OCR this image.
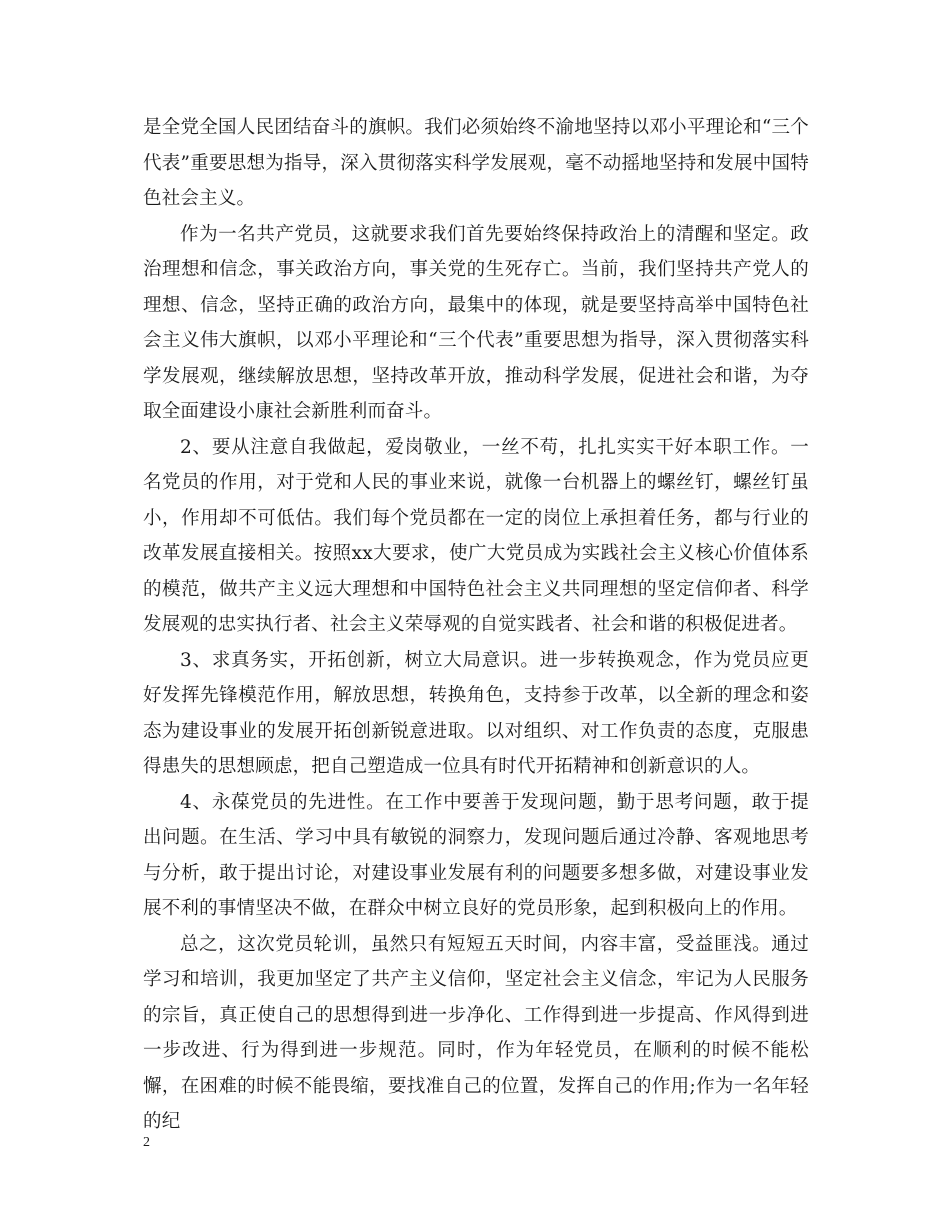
是全党全国人民团结奋斗的旗帜。我们必须始终不渝地坚持以邓小平理论和“三个代表”重要思想为指导，深入贯彻落实科学发展观，毫不动摇地坚持和发展中国特色社会主义。

作为一名共产党员，这就要求我们首先要始终保持政治上的清醒和坚定。政治理想和信念，事关政治方向，事关党的生死存亡。当前，我们坚持共产党人的理想、信念，坚持正确的政治方向，最集中的体现，就是要坚持高举中国特色社会主义伟大旗帜，以邓小平理论和“三个代表”重要思想为指导，深入贯彻落实科学发展观，继续解放思想，坚持改革开放，推动科学发展，促进社会和谐，为夺取全面建设小康社会新胜利而奋斗。

2、要从注意自我做起，爱岗敬业，一丝不苟，扎扎实实干好本职工作。一名党员的作用，对于党和人民的事业来说，就像一台机器上的螺丝钉，螺丝钉虽小，作用却不可低估。我们每个党员都在一定的岗位上承担着任务，都与行业的改革发展直接相关。按照xx大要求，使广大党员成为实践社会主义核心价值体系的模范，做共产主义远大理想和中国特色社会主义共同理想的坚定信仰者、科学发展观的忠实执行者、社会主义荣辱观的自觉实践者、社会和谐的积极促进者。

3、求真务实，开拓创新，树立大局意识。进一步转换观念，作为党员应更好发挥先锋模范作用，解放思想，转换角色，支持参于改革，以全新的理念和姿态为建设事业的发展开拓创新锐意进取。以对组织、对工作负责的态度，克服患得患失的思想顾虑，把自己塑造成一位具有时代开拓精神和创新意识的人。

4、永葆党员的先进性。在工作中要善于发现问题，勤于思考问题，敢于提出问题。在生活、学习中具有敏锐的洞察力，发现问题后通过冷静、客观地思考与分析，敢于提出讨论，对建设事业发展有利的问题要多想多做，对建设事业发展不利的事情坚决不做，在群众中树立良好的党员形象，起到积极向上的作用。

总之，这次党员轮训，虽然只有短短五天时间，内容丰富，受益匪浅。通过学习和培训，我更加坚定了共产主义信仰，坚定社会主义信念，牢记为人民服务的宗旨，真正使自己的思想得到进一步净化、工作得到进一步提高、作风得到进一步改进、行为得到进一步规范。同时，作为年轻党员，在顺利的时候不能松懈，在困难的时候不能畏缩，要找准自己的位置，发挥自己的作用;作为一名年轻的纪

2
